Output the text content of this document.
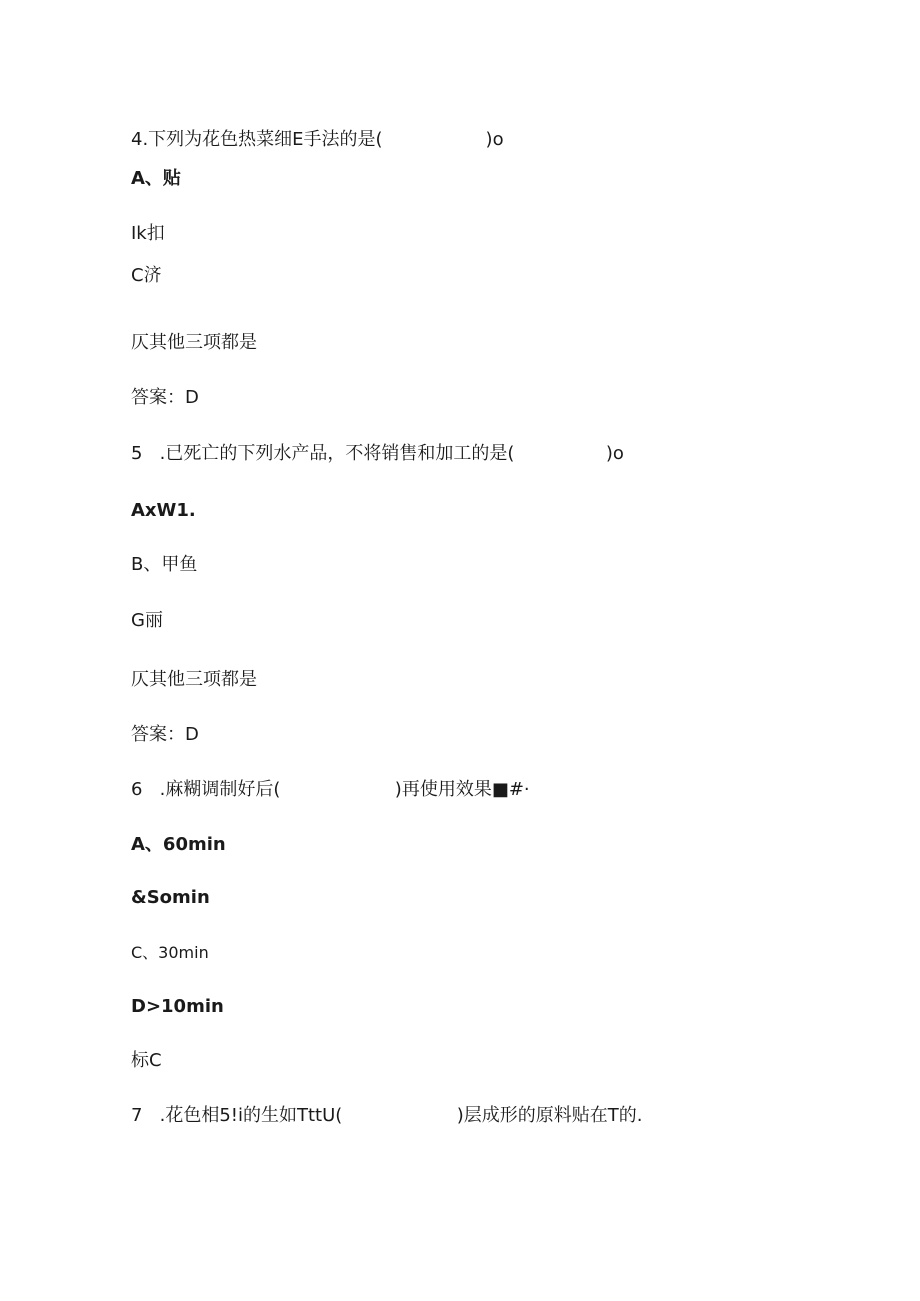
4.下列为花色热菜细E手法的是(                  )o
A、贴
Ik扣
C济
仄其他三项都是
答案：D
5   .已死亡的下列水产品，不将销售和加工的是(                )o
AxW1.
B、甲鱼
G丽
仄其他三项都是
答案：D
6   .麻糊调制好后(                    )再使用效果■#·
A、60min
&Somin
C、30min
D>10min
标C
7   .花色相5!i的生如TttU(                    )层成形的原料贴在T的.
